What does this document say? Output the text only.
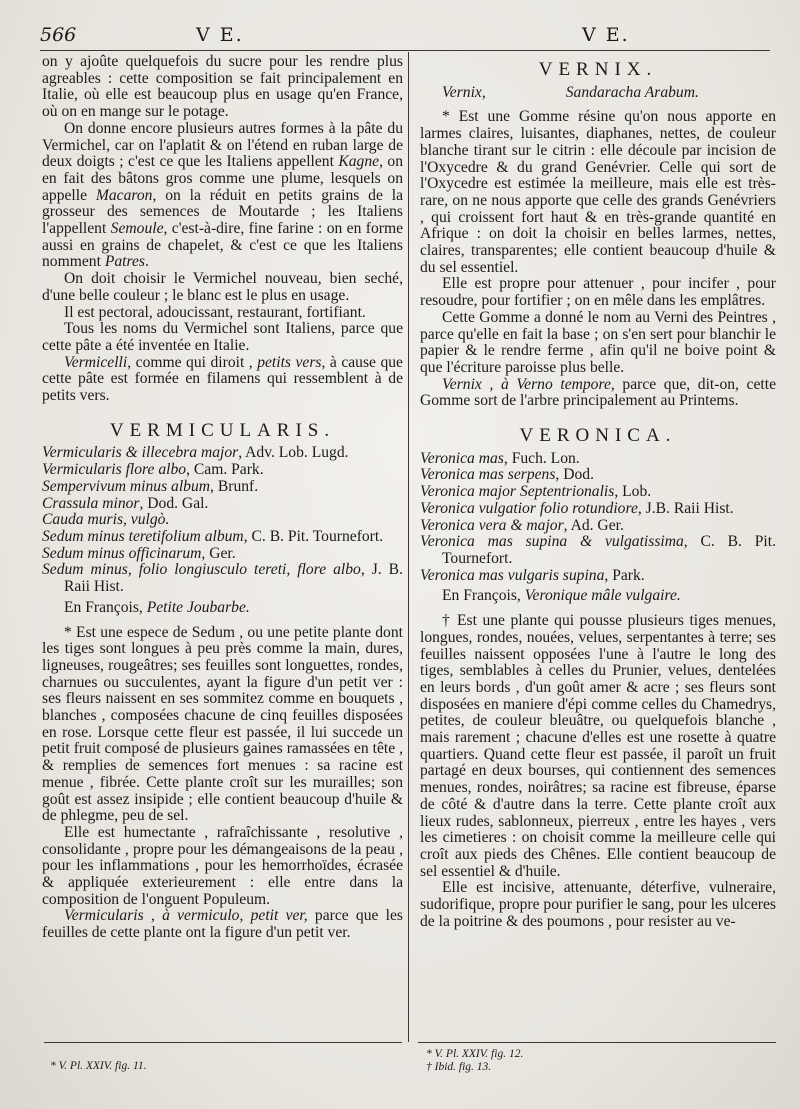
566	V E.	V E.

on y ajoûte quelquefois du sucre pour les rendre plus agreables : cette composition se fait principalement en Italie, où elle est beaucoup plus en usage qu'en France, où on en mange sur le potage.

On donne encore plusieurs autres formes à la pâte du Vermichel, car on l'aplatit & on l'étend en ruban large de deux doigts ; c'est ce que les Italiens appellent Kagne, on en fait des bâtons gros comme une plume, lesquels on appelle Macaron, on la réduit en petits grains de la grosseur des semences de Moutarde ; les Italiens l'appellent Semoule, c'est-à-dire, fine farine : on en forme aussi en grains de chapelet, & c'est ce que les Italiens nomment Patres.

On doit choisir le Vermichel nouveau, bien seché, d'une belle couleur ; le blanc est le plus en usage.

Il est pectoral, adoucissant, restaurant, fortifiant.

Tous les noms du Vermichel sont Italiens, parce que cette pâte a été inventée en Italie.

Vermicelli, comme qui diroit , petits vers, à cause que cette pâte est formée en filamens qui ressemblent à de petits vers.

VERMICULARIS.

Vermicularis & illecebra major, Adv. Lob. Lugd.

Vermicularis flore albo, Cam. Park.

Sempervivum minus album, Brunf.

Crassula minor, Dod. Gal.

Cauda muris, vulgò.

Sedum minus teretifolium album, C. B. Pit. Tournefort.

Sedum minus officinarum, Ger.

Sedum minus, folio longiusculo tereti, flore albo, J. B. Raii Hist.

En François, Petite Joubarbe.

* Est une espece de Sedum , ou une petite plante dont les tiges sont longues à peu près comme la main, dures, ligneuses, rougeâtres; ses feuilles sont longuettes, rondes, charnues ou succulentes, ayant la figure d'un petit ver : ses fleurs naissent en ses sommitez comme en bouquets , blanches , composées chacune de cinq feuilles disposées en rose. Lorsque cette fleur est passée, il lui succede un petit fruit composé de plusieurs gaines ramassées en tête , & remplies de semences fort menues : sa racine est menue , fibrée. Cette plante croît sur les murailles; son goût est assez insipide ; elle contient beaucoup d'huile & de phlegme, peu de sel.

Elle est humectante , rafraîchissante , resolutive , consolidante , propre pour les démangeaisons de la peau , pour les inflammations , pour les hemorrhoïdes, écrasée & appliquée exterieurement : elle entre dans la composition de l'onguent Populeum.

Vermicularis , à vermiculo, petit ver, parce que les feuilles de cette plante ont la figure d'un petit ver.

* V. Pl. XXIV. fig. 11.

VERNIX.

Vernix,	Sandaracha Arabum.

* Est une Gomme résine qu'on nous apporte en larmes claires, luisantes, diaphanes, nettes, de couleur blanche tirant sur le citrin : elle découle par incision de l'Oxycedre & du grand Genévrier. Celle qui sort de l'Oxycedre est estimée la meilleure, mais elle est très-rare, on ne nous apporte que celle des grands Genévriers , qui croissent fort haut & en très-grande quantité en Afrique : on doit la choisir en belles larmes, nettes, claires, transparentes; elle contient beaucoup d'huile & du sel essentiel.

Elle est propre pour attenuer , pour incifer , pour resoudre, pour fortifier ; on en mêle dans les emplâtres.

Cette Gomme a donné le nom au Verni des Peintres , parce qu'elle en fait la base ; on s'en sert pour blanchir le papier & le rendre ferme , afin qu'il ne boive point & que l'écriture paroisse plus belle.

Vernix , à Verno tempore, parce que, dit-on, cette Gomme sort de l'arbre principalement au Printems.

VERONICA.

Veronica mas, Fuch. Lon.

Veronica mas serpens, Dod.

Veronica major Septentrionalis, Lob.

Veronica vulgatior folio rotundiore, J.B. Raii Hist.

Veronica vera & major, Ad. Ger.

Veronica mas supina & vulgatissima, C. B. Pit. Tournefort.

Veronica mas vulgaris supina, Park.

En François, Veronique mâle vulgaire.

† Est une plante qui pousse plusieurs tiges menues, longues, rondes, nouées, velues, serpentantes à terre; ses feuilles naissent opposées l'une à l'autre le long des tiges, semblables à celles du Prunier, velues, dentelées en leurs bords , d'un goût amer & acre ; ses fleurs sont disposées en maniere d'épi comme celles du Chamedrys, petites, de couleur bleuâtre, ou quelquefois blanche , mais rarement ; chacune d'elles est une rosette à quatre quartiers. Quand cette fleur est passée, il paroît un fruit partagé en deux bourses, qui contiennent des semences menues, rondes, noirâtres; sa racine est fibreuse, éparse de côté & d'autre dans la terre. Cette plante croît aux lieux rudes, sablonneux, pierreux , entre les hayes , vers les cimetieres : on choisit comme la meilleure celle qui croît aux pieds des Chênes. Elle contient beaucoup de sel essentiel & d'huile.

Elle est incisive, attenuante, déterfive, vulneraire, sudorifique, propre pour purifier le sang, pour les ulceres de la poitrine & des poumons , pour resister au ve-

* V. Pl. XXIV. fig. 12.
† Ibid. fig. 13.
